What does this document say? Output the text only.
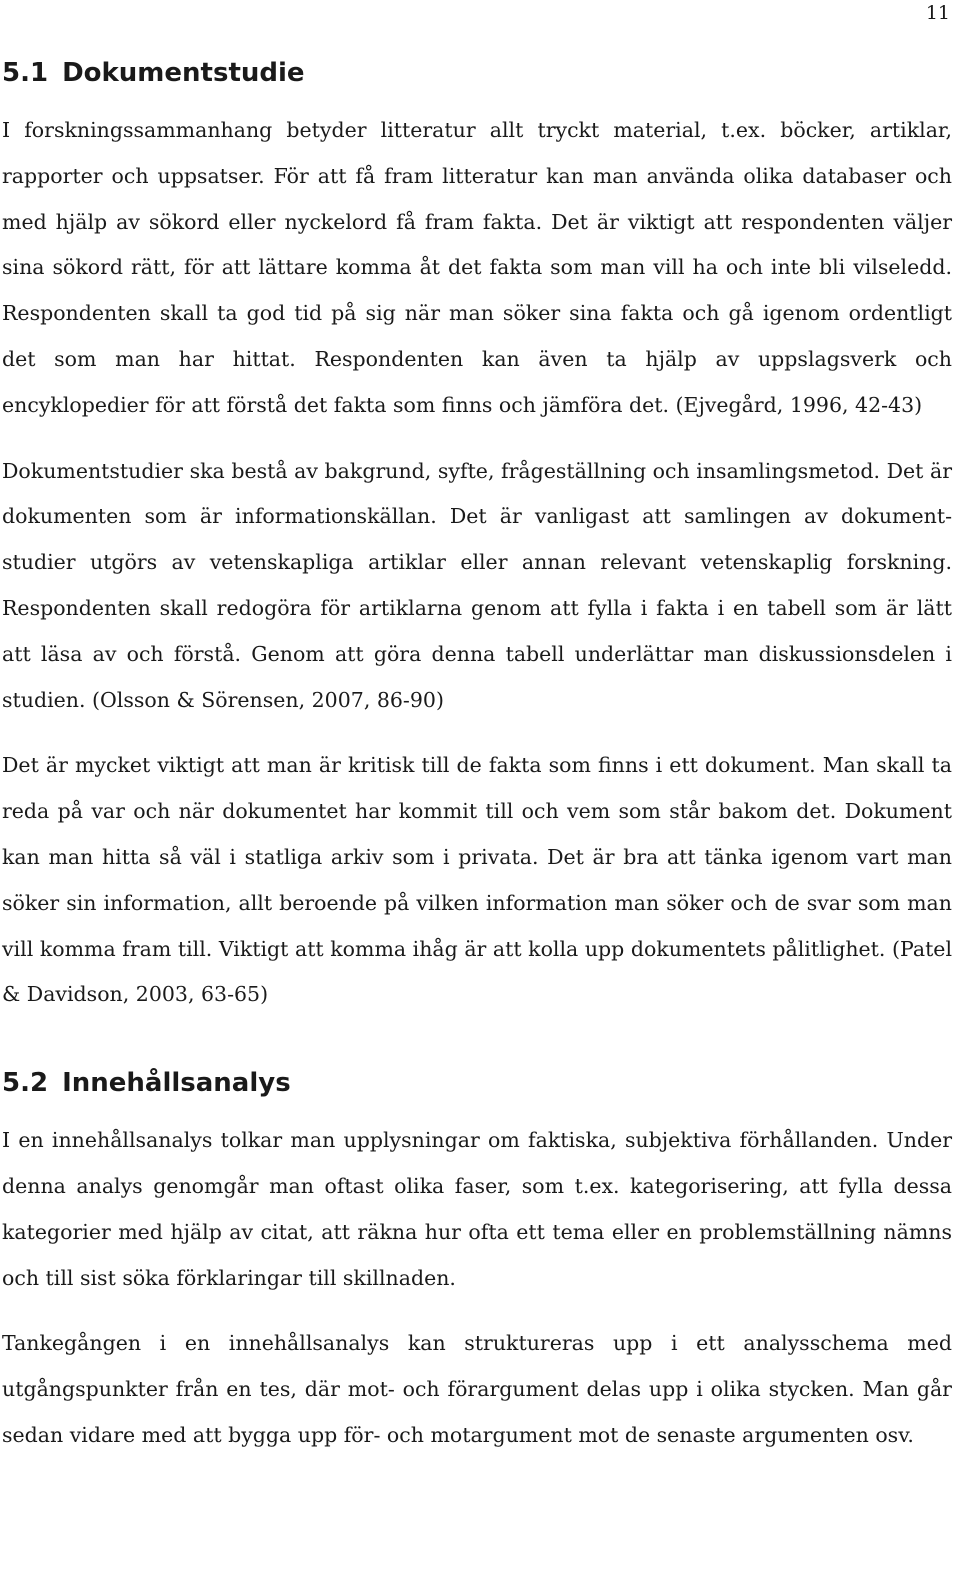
11
5.1 Dokumentstudie

I forskningssammanhang betyder litteratur allt tryckt material, t.ex. böcker, artiklar, rapporter och uppsatser. För att få fram litteratur kan man använda olika databaser och med hjälp av sökord eller nyckelord få fram fakta. Det är viktigt att respondenten väljer sina sökord rätt, för att lättare komma åt det fakta som man vill ha och inte bli vilseledd. Respondenten skall ta god tid på sig när man söker sina fakta och gå igenom ordentligt det som man har hittat. Respondenten kan även ta hjälp av uppslagsverk och encyklopedier för att förstå det fakta som finns och jämföra det. (Ejvegård, 1996, 42-43)

Dokumentstudier ska bestå av bakgrund, syfte, frågeställning och insamlingsmetod. Det är dokumenten som är informationskällan. Det är vanligast att samlingen av dokument- studier utgörs av vetenskapliga artiklar eller annan relevant vetenskaplig forskning. Respondenten skall redogöra för artiklarna genom att fylla i fakta i en tabell som är lätt att läsa av och förstå. Genom att göra denna tabell underlättar man diskussionsdelen i studien. (Olsson & Sörensen, 2007, 86-90)

Det är mycket viktigt att man är kritisk till de fakta som finns i ett dokument. Man skall ta reda på var och när dokumentet har kommit till och vem som står bakom det. Dokument kan man hitta så väl i statliga arkiv som i privata. Det är bra att tänka igenom vart man söker sin information, allt beroende på vilken information man söker och de svar som man vill komma fram till. Viktigt att komma ihåg är att kolla upp dokumentets pålitlighet. (Patel & Davidson, 2003, 63-65)

5.2 Innehållsanalys

I en innehållsanalys tolkar man upplysningar om faktiska, subjektiva förhållanden. Under denna analys genomgår man oftast olika faser, som t.ex. kategorisering, att fylla dessa kategorier med hjälp av citat, att räkna hur ofta ett tema eller en problemställning nämns och till sist söka förklaringar till skillnaden.

Tankegången i en innehållsanalys kan struktureras upp i ett analysschema med utgångspunkter från en tes, där mot- och förargument delas upp i olika stycken. Man går sedan vidare med att bygga upp för- och motargument mot de senaste argumenten osv.
